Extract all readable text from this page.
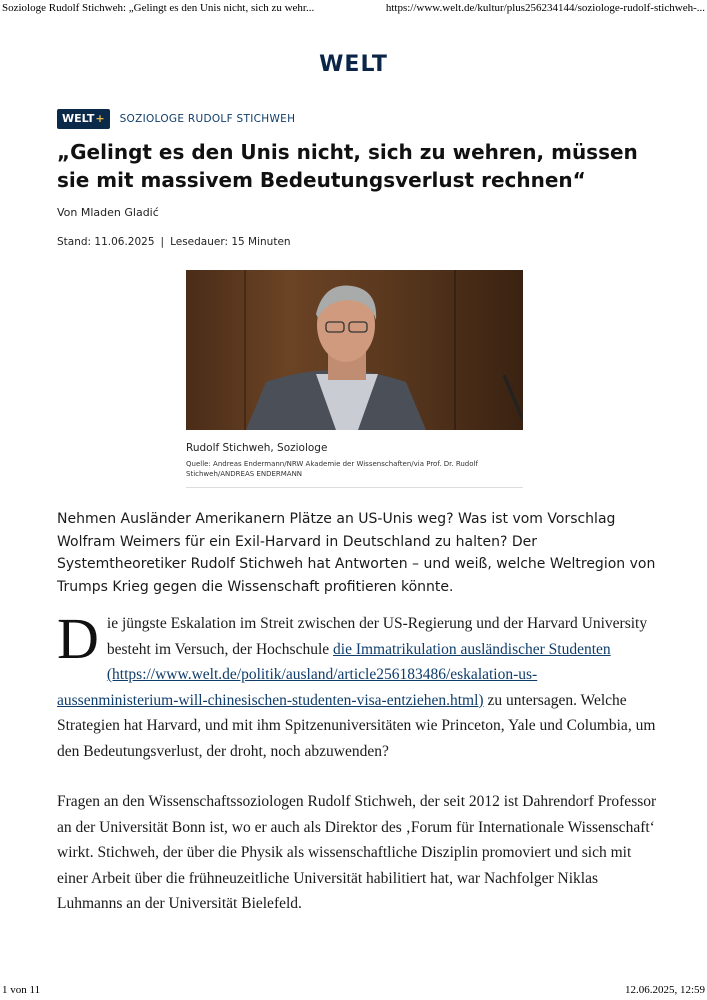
Soziologe Rudolf Stichweh: „Gelingt es den Unis nicht, sich zu wehr...	https://www.welt.de/kultur/plus256234144/soziologe-rudolf-stichweh-...
WELT
WELT + SOZIOLOGE RUDOLF STICHWEH
„Gelingt es den Unis nicht, sich zu wehren, müssen sie mit massivem Bedeutungsverlust rechnen“
Von Mladen Gladić
Stand: 11.06.2025 | Lesedauer: 15 Minuten
Rudolf Stichweh, Soziologe
Quelle: Andreas Endermann/NRW Akademie der Wissenschaften/via Prof. Dr. Rudolf Stichweh/ANDREAS ENDERMANN

Nehmen Ausländer Amerikanern Plätze an US-Unis weg? Was ist vom Vorschlag Wolfram Weimers für ein Exil-Harvard in Deutschland zu halten? Der Systemtheoretiker Rudolf Stichweh hat Antworten – und weiß, welche Weltregion von Trumps Krieg gegen die Wissenschaft profitieren könnte.

Die jüngste Eskalation im Streit zwischen der US-Regierung und der Harvard University besteht im Versuch, der Hochschule die Immatrikulation ausländischer Studenten (https://www.welt.de/politik/ausland/article256183486/eskalation-us-aussenministerium-will-chinesischen-studenten-visa-entziehen.html) zu untersagen. Welche Strategien hat Harvard, und mit ihm Spitzenuniversitäten wie Princeton, Yale und Columbia, um den Bedeutungsverlust, der droht, noch abzuwenden?

Fragen an den Wissenschaftssoziologen Rudolf Stichweh, der seit 2012 ist Dahrendorf Professor an der Universität Bonn ist, wo er auch als Direktor des ‚Forum für Internationale Wissenschaft‘ wirkt. Stichweh, der über die Physik als wissenschaftliche Disziplin promoviert und sich mit einer Arbeit über die frühneuzeitliche Universität habilitiert hat, war Nachfolger Niklas Luhmanns an der Universität Bielefeld.

1 von 11	12.06.2025, 12:59
